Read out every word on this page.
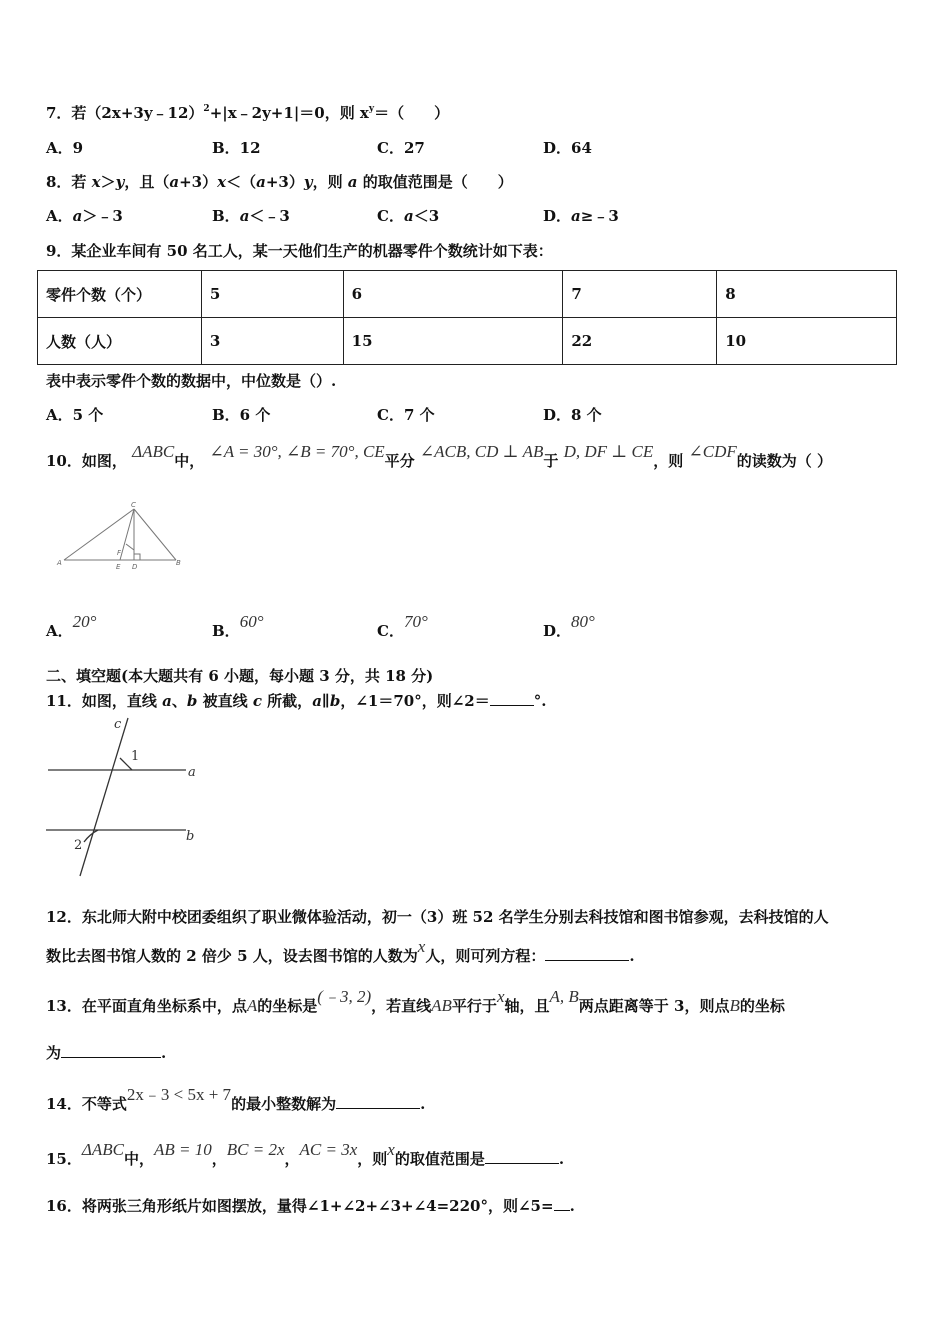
7．若（2x+3y﹣12）$^2$+|x﹣2y+1|＝0，则 $x^y=$（　　）
A．9	B．12	C．27	D．64
8．若 x＞y，且（a+3）x＜（a+3）y，则 a 的取值范围是（　　）
A．a＞﹣3	B．a＜﹣3	C．a＜3	D．a≥﹣3
9．某企业车间有 50 名工人，某一天他们生产的机器零件个数统计如下表：
零件个数（个）	5	6	7	8
人数（人）	3	15	22	10
表中表示零件个数的数据中，中位数是（）.
A．5 个	B．6 个	C．7 个	D．8 个
10．如图， ΔABC中， ∠A = 30°, ∠B = 70°, CE平分 ∠ACB, CD ⊥ AB于 D, DF ⊥ CE，则 ∠CDF的读数为（ ）
C
A	B
F
E D
A．20°	B．60°	C．70°	D．80°
二、填空题(本大题共有 6 小题，每小题 3 分，共 18 分)
11．如图，直线 a、b 被直线 c 所截，a∥b，∠1＝70°，则∠2＝	°.
c
1
a
2
b
12．东北师大附中校团委组织了职业微体验活动，初一（3）班 52 名学生分别去科技馆和图书馆参观，去科技馆的人
数比去图书馆人数的 2 倍少 5 人，设去图书馆的人数为x人，则可列方程：	.
13．在平面直角坐标系中，点A的坐标是(﹣3, 2)，若直线AB平行于x轴，且A, B两点距离等于 3，则点B的坐标
为	.
14．不等式2x﹣3 < 5x + 7的最小整数解为	.
15．ΔABC中，AB = 10，BC = 2x，AC = 3x，则x的取值范围是	.
16．将两张三角形纸片如图摆放，量得∠1+∠2+∠3+∠4=220°，则∠5= .
